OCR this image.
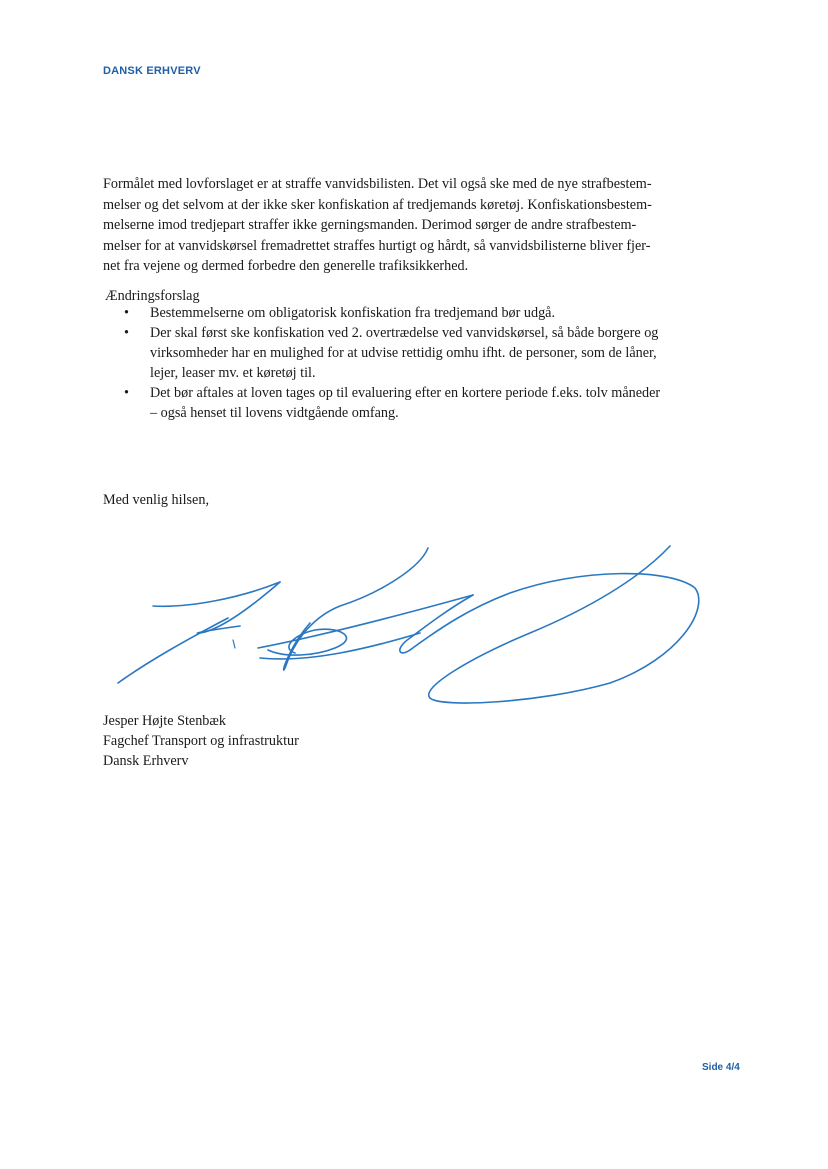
DANSK ERHVERV

Formålet med lovforslaget er at straffe vanvidsbilisten. Det vil også ske med de nye strafbestem-
melser og det selvom at der ikke sker konfiskation af tredjemands køretøj. Konfiskationsbestem-
melserne imod tredjepart straffer ikke gerningsmanden. Derimod sørger de andre strafbestem-
melser for at vanvidskørsel fremadrettet straffes hurtigt og hårdt, så vanvidsbilisterne bliver fjer-
net fra vejene og dermed forbedre den generelle trafiksikkerhed.

Ændringsforslag
• Bestemmelserne om obligatorisk konfiskation fra tredjemand bør udgå.
• Der skal først ske konfiskation ved 2. overtrædelse ved vanvidskørsel, så både borgere og
virksomheder har en mulighed for at udvise rettidig omhu ifht. de personer, som de låner,
lejer, leaser mv. et køretøj til.
• Det bør aftales at loven tages op til evaluering efter en kortere periode f.eks. tolv måneder
– også henset til lovens vidtgående omfang.
Med venlig hilsen,
Jesper Højte Stenbæk
Fagchef Transport og infrastruktur
Dansk Erhverv
Side 4/4
